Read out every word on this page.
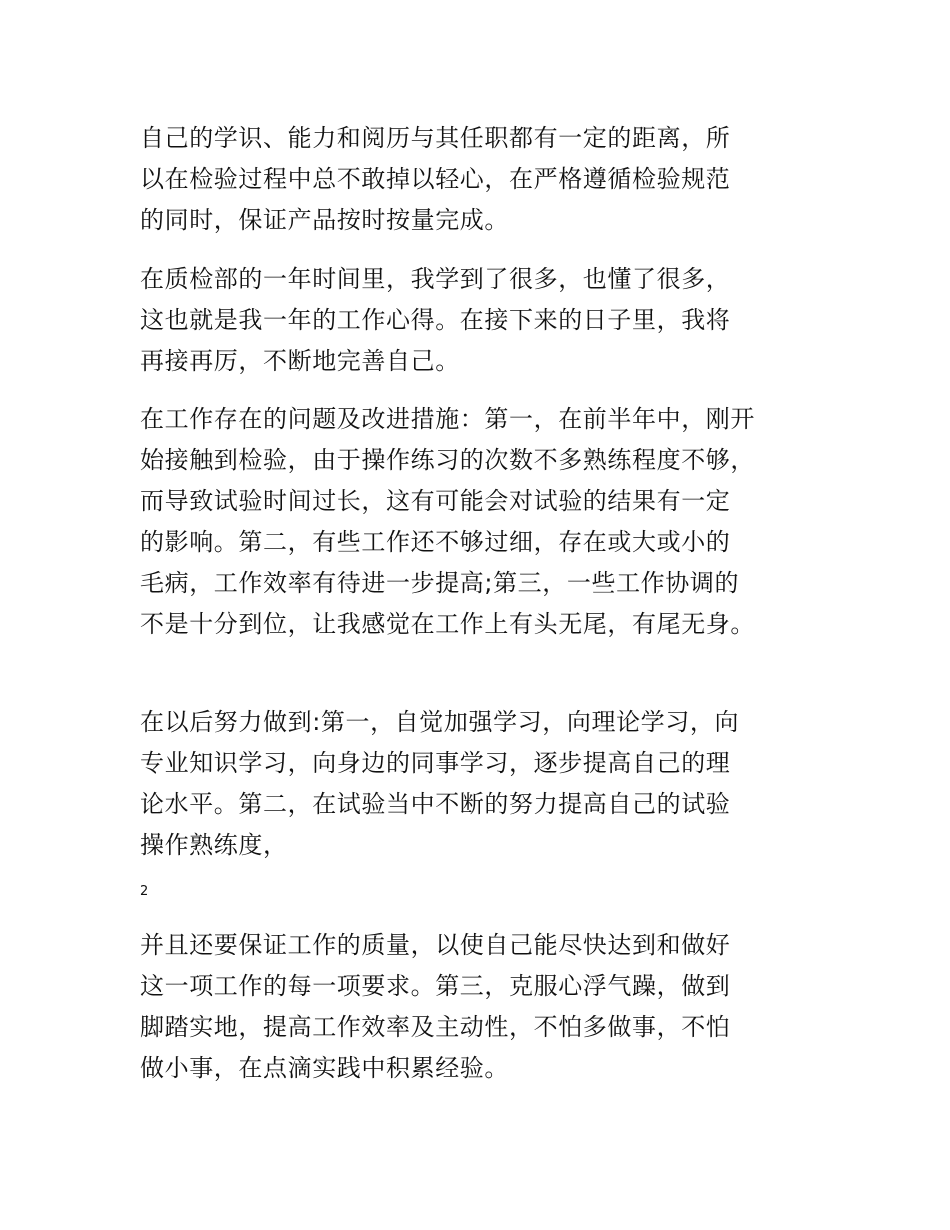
自己的学识、能力和阅历与其任职都有一定的距离，所
以在检验过程中总不敢掉以轻心，在严格遵循检验规范
的同时，保证产品按时按量完成。
在质检部的一年时间里，我学到了很多，也懂了很多，
这也就是我一年的工作心得。在接下来的日子里，我将
再接再厉，不断地完善自己。
在工作存在的问题及改进措施：第一，在前半年中，刚开
始接触到检验，由于操作练习的次数不多熟练程度不够，
而导致试验时间过长，这有可能会对试验的结果有一定
的影响。第二，有些工作还不够过细，存在或大或小的
毛病，工作效率有待进一步提高;第三，一些工作协调的
不是十分到位，让我感觉在工作上有头无尾，有尾无身。
在以后努力做到:第一，自觉加强学习，向理论学习，向
专业知识学习，向身边的同事学习，逐步提高自己的理
论水平。第二，在试验当中不断的努力提高自己的试验
操作熟练度，
2
并且还要保证工作的质量，以使自己能尽快达到和做好
这一项工作的每一项要求。第三，克服心浮气躁，做到
脚踏实地，提高工作效率及主动性，不怕多做事，不怕
做小事，在点滴实践中积累经验。
